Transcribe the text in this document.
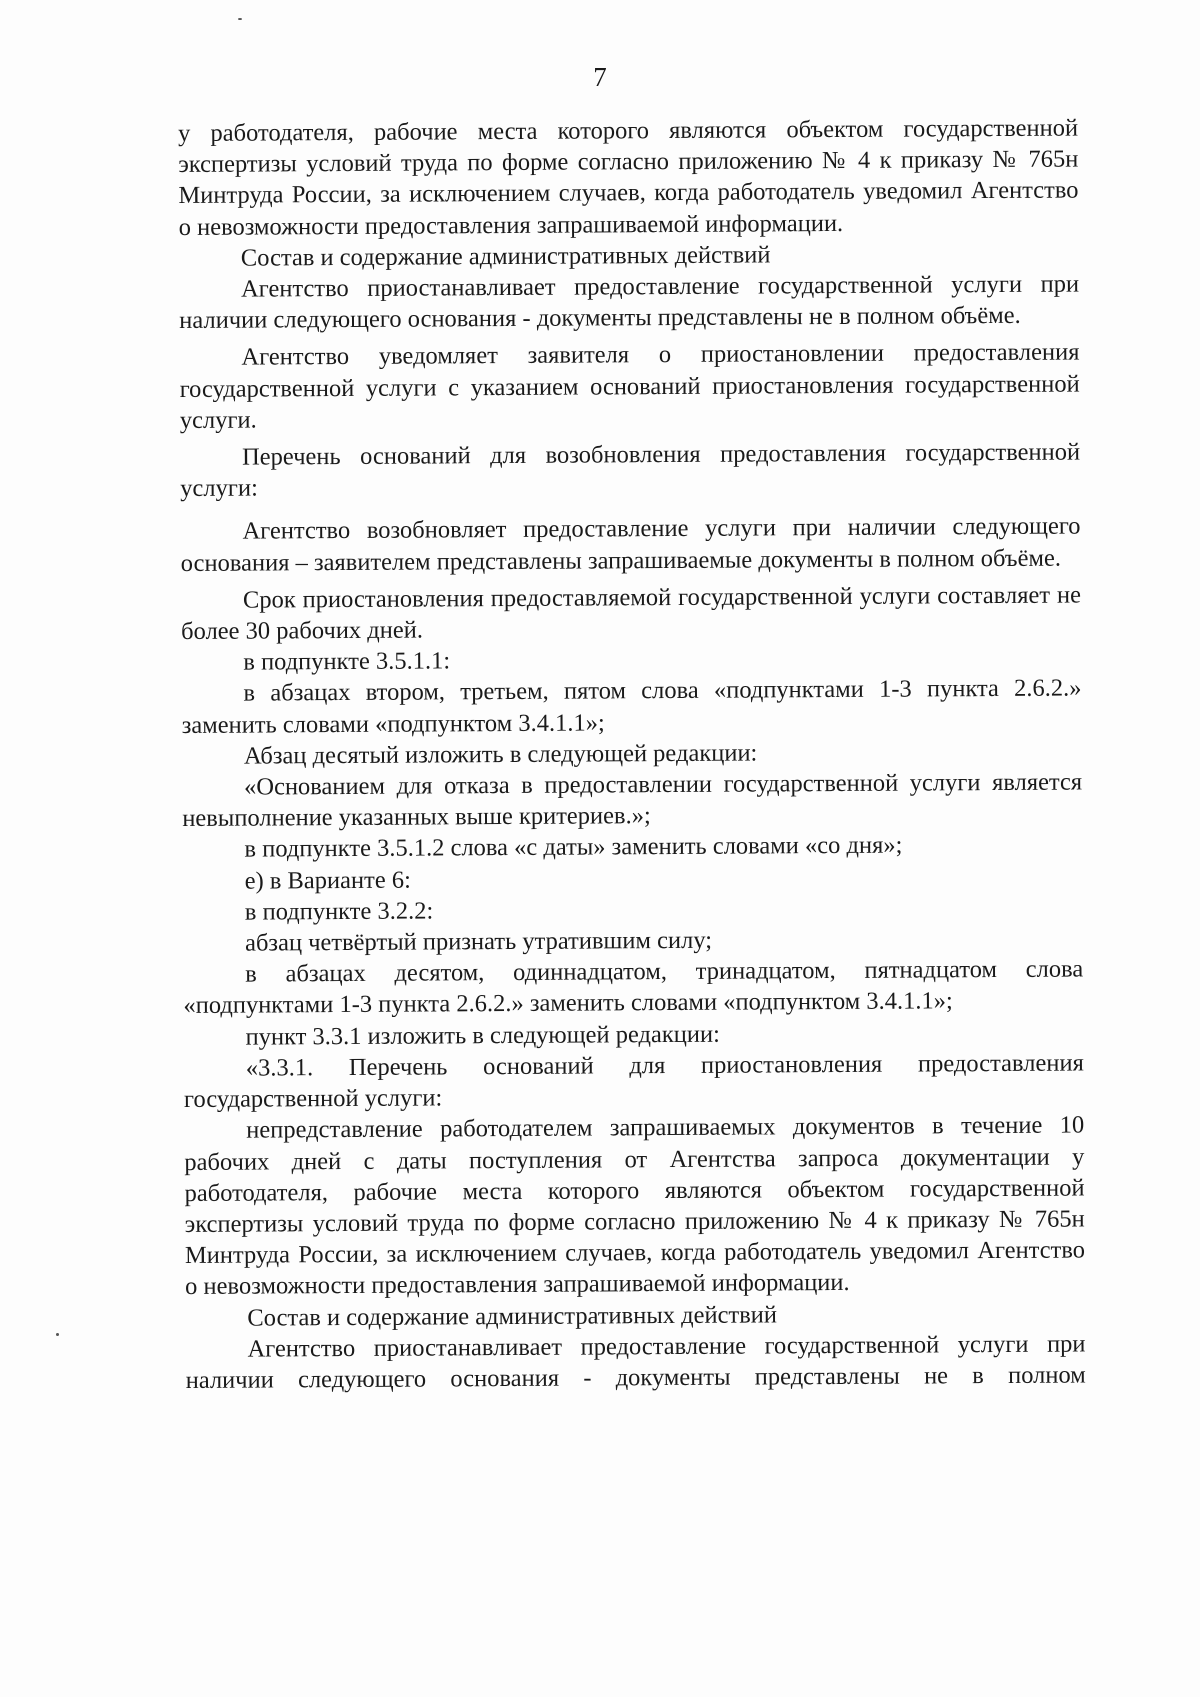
7

у работодателя, рабочие места которого являются объектом государственной экспертизы условий труда по форме согласно приложению № 4 к приказу № 765н Минтруда России, за исключением случаев, когда работодатель уведомил Агентство о невозможности предоставления запрашиваемой информации.

Состав и содержание административных действий

Агентство приостанавливает предоставление государственной услуги при наличии следующего основания - документы представлены не в полном объёме.

Агентство уведомляет заявителя о приостановлении предоставления государственной услуги с указанием оснований приостановления государственной услуги.

Перечень оснований для возобновления предоставления государственной услуги:

Агентство возобновляет предоставление услуги при наличии следующего основания – заявителем представлены запрашиваемые документы в полном объёме.

Срок приостановления предоставляемой государственной услуги составляет не более 30 рабочих дней.

в подпункте 3.5.1.1:

в абзацах втором, третьем, пятом слова «подпунктами 1-3 пункта 2.6.2.» заменить словами «подпунктом 3.4.1.1»;

Абзац десятый изложить в следующей редакции:

«Основанием для отказа в предоставлении государственной услуги является невыполнение указанных выше критериев.»;

в подпункте 3.5.1.2 слова «с даты» заменить словами «со дня»;

е) в Варианте 6:

в подпункте 3.2.2:

абзац четвёртый признать утратившим силу;

в абзацах десятом, одиннадцатом, тринадцатом, пятнадцатом слова «подпунктами 1-3 пункта 2.6.2.» заменить словами «подпунктом 3.4.1.1»;

пункт 3.3.1 изложить в следующей редакции:

«3.3.1. Перечень оснований для приостановления предоставления государственной услуги:

непредставление работодателем запрашиваемых документов в течение 10 рабочих дней с даты поступления от Агентства запроса документации у работодателя, рабочие места которого являются объектом государственной экспертизы условий труда по форме согласно приложению № 4 к приказу № 765н Минтруда России, за исключением случаев, когда работодатель уведомил Агентство о невозможности предоставления запрашиваемой информации.

Состав и содержание административных действий

Агентство приостанавливает предоставление государственной услуги при наличии следующего основания - документы представлены не в полном
